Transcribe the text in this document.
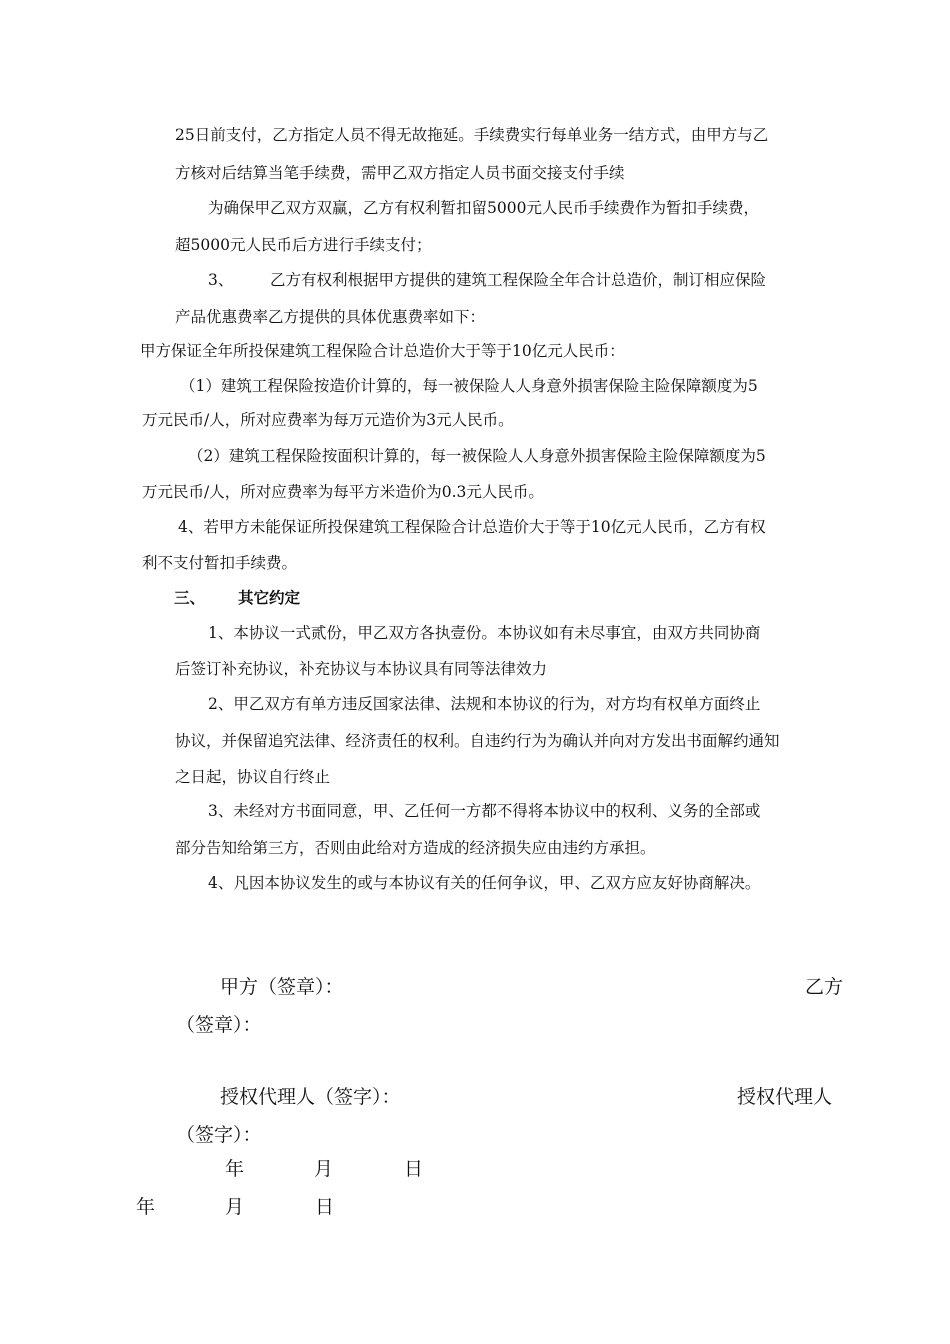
25日前支付，乙方指定人员不得无故拖延。手续费实行每单业务一结方式，由甲方与乙
方核对后结算当笔手续费，需甲乙双方指定人员书面交接支付手续
为确保甲乙双方双赢，乙方有权利暂扣留5000元人民币手续费作为暂扣手续费，
超5000元人民币后方进行手续支付；
3、 乙方有权利根据甲方提供的建筑工程保险全年合计总造价，制订相应保险
产品优惠费率乙方提供的具体优惠费率如下：
甲方保证全年所投保建筑工程保险合计总造价大于等于10亿元人民币：
（1）建筑工程保险按造价计算的，每一被保险人人身意外损害保险主险保障额度为5
万元民币/人，所对应费率为每万元造价为3元人民币。
（2）建筑工程保险按面积计算的，每一被保险人人身意外损害保险主险保障额度为5
万元民币/人，所对应费率为每平方米造价为0.3元人民币。
4、若甲方未能保证所投保建筑工程保险合计总造价大于等于10亿元人民币，乙方有权
利不支付暂扣手续费。
三、 其它约定
1、本协议一式贰份，甲乙双方各执壹份。本协议如有未尽事宜，由双方共同协商
后签订补充协议，补充协议与本协议具有同等法律效力
2、甲乙双方有单方违反国家法律、法规和本协议的行为，对方均有权单方面终止
协议，并保留追究法律、经济责任的权利。自违约行为为确认并向对方发出书面解约通知
之日起，协议自行终止
3、未经对方书面同意，甲、乙任何一方都不得将本协议中的权利、义务的全部或
部分告知给第三方，否则由此给对方造成的经济损失应由违约方承担。
4、凡因本协议发生的或与本协议有关的任何争议，甲、乙双方应友好协商解决。
甲方（签章）：	乙方
（签章）：
授权代理人（签字）：	授权代理人
（签字）：
年	月	日
年	月	日
